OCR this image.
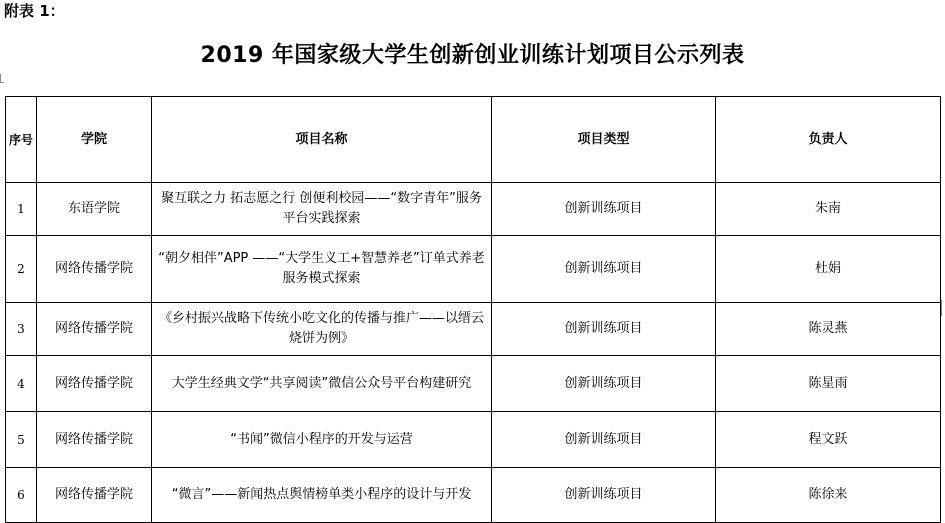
附表 1：
2019 年国家级大学生创新创业训练计划项目公示列表
序号	学院	项目名称	项目类型	负责人
1	东语学院	聚互联之力 拓志愿之行 创便利校园——“数字青年”服务平台实践探索	创新训练项目	朱南
2	网络传播学院	“朝夕相伴”APP ——“大学生义工+智慧养老”订单式养老服务模式探索	创新训练项目	杜娟
3	网络传播学院	《乡村振兴战略下传统小吃文化的传播与推广——以缙云烧饼为例》	创新训练项目	陈灵燕
4	网络传播学院	大学生经典文学“共享阅读”微信公众号平台构建研究	创新训练项目	陈星雨
5	网络传播学院	“书闻”微信小程序的开发与运营	创新训练项目	程文跃
6	网络传播学院	“微言”——新闻热点舆情榜单类小程序的设计与开发	创新训练项目	陈徐来
